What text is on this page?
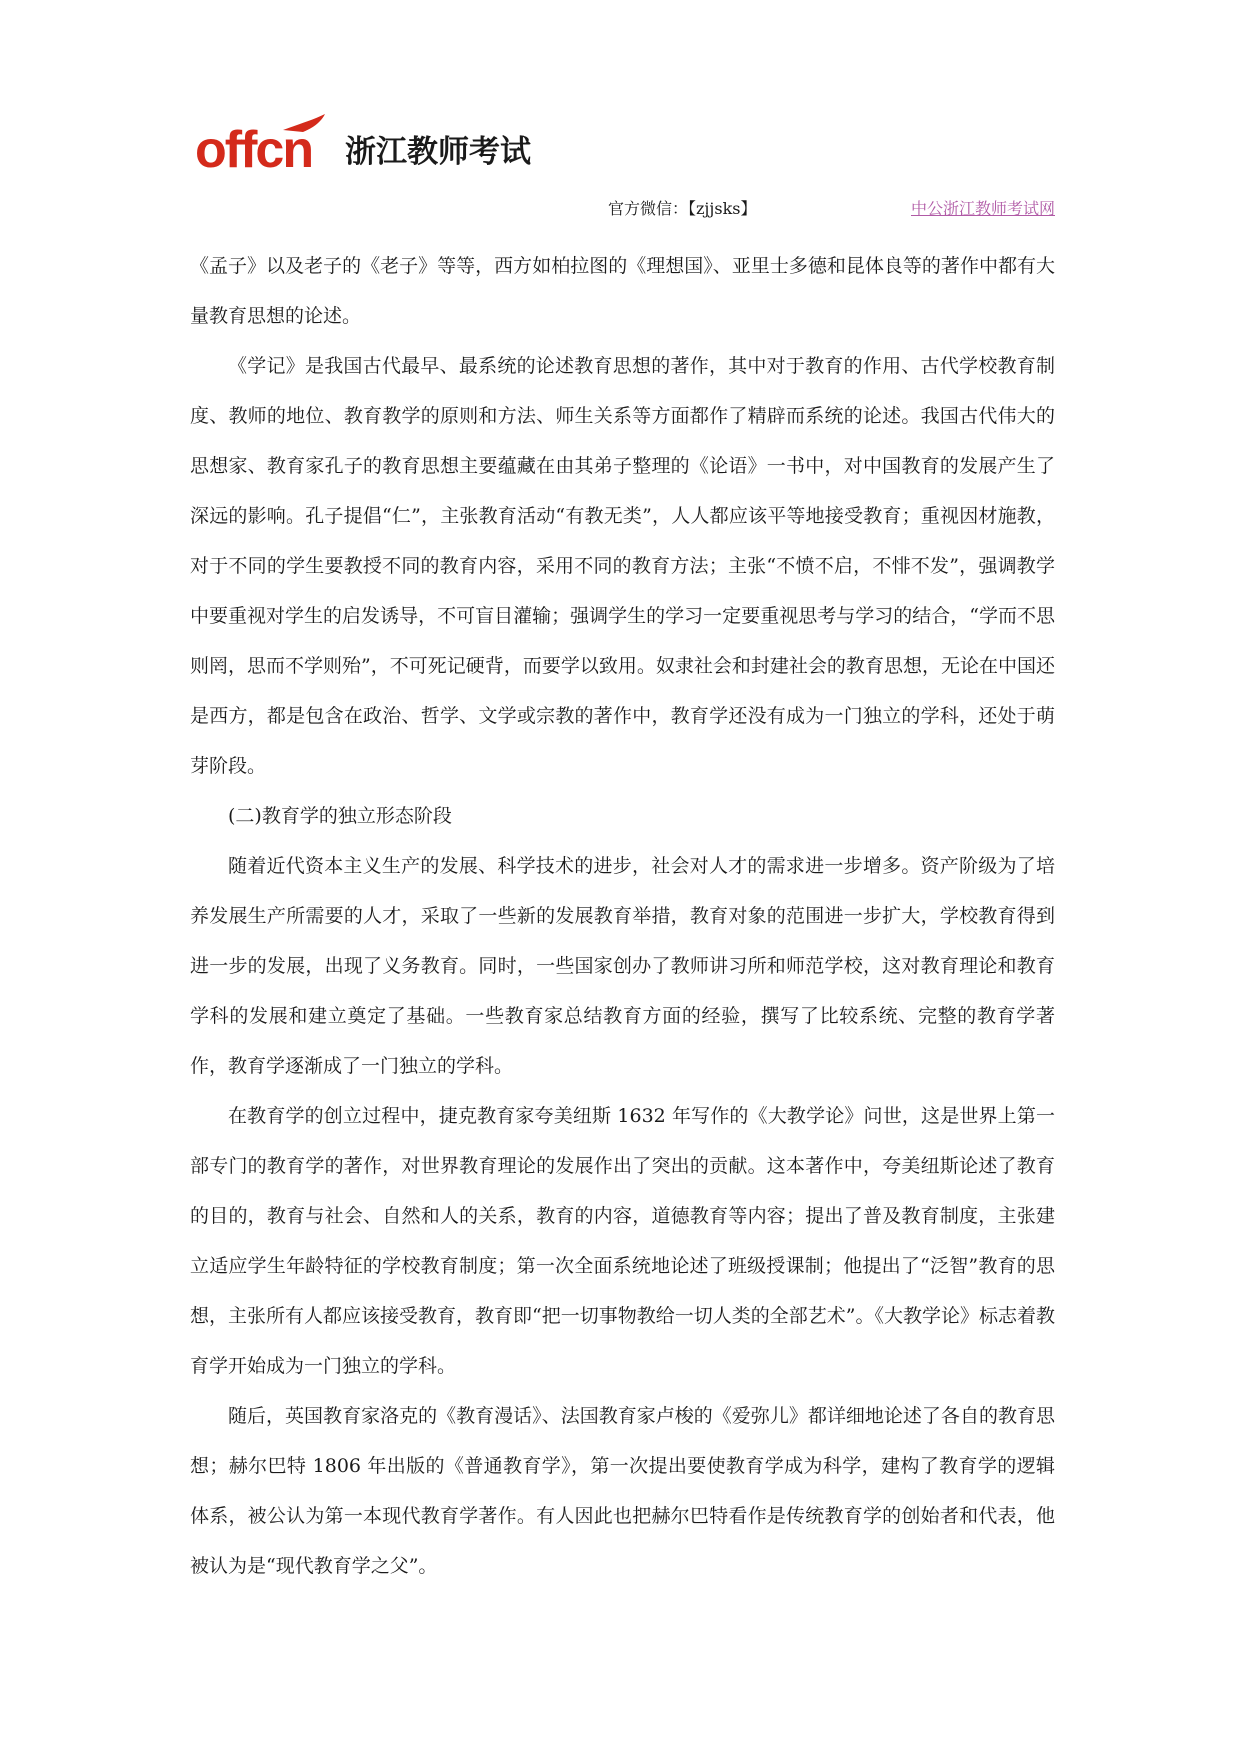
offcn 浙江教师考试
官方微信：【zjjsks】	中公浙江教师考试网

《孟子》以及老子的《老子》等等，西方如柏拉图的《理想国》、亚里士多德和昆体良等的著作中都有大量教育思想的论述。

《学记》是我国古代最早、最系统的论述教育思想的著作，其中对于教育的作用、古代学校教育制度、教师的地位、教育教学的原则和方法、师生关系等方面都作了精辟而系统的论述。我国古代伟大的思想家、教育家孔子的教育思想主要蕴藏在由其弟子整理的《论语》一书中，对中国教育的发展产生了深远的影响。孔子提倡“仁”，主张教育活动“有教无类”，人人都应该平等地接受教育；重视因材施教，对于不同的学生要教授不同的教育内容，采用不同的教育方法；主张“不愤不启，不悱不发”，强调教学中要重视对学生的启发诱导，不可盲目灌输；强调学生的学习一定要重视思考与学习的结合，“学而不思则罔，思而不学则殆”，不可死记硬背，而要学以致用。奴隶社会和封建社会的教育思想，无论在中国还是西方，都是包含在政治、哲学、文学或宗教的著作中，教育学还没有成为一门独立的学科，还处于萌芽阶段。

(二)教育学的独立形态阶段

随着近代资本主义生产的发展、科学技术的进步，社会对人才的需求进一步增多。资产阶级为了培养发展生产所需要的人才，采取了一些新的发展教育举措，教育对象的范围进一步扩大，学校教育得到进一步的发展，出现了义务教育。同时，一些国家创办了教师讲习所和师范学校，这对教育理论和教育学科的发展和建立奠定了基础。一些教育家总结教育方面的经验，撰写了比较系统、完整的教育学著作，教育学逐渐成了一门独立的学科。

在教育学的创立过程中，捷克教育家夸美纽斯 1632 年写作的《大教学论》问世，这是世界上第一部专门的教育学的著作，对世界教育理论的发展作出了突出的贡献。这本著作中，夸美纽斯论述了教育的目的，教育与社会、自然和人的关系，教育的内容，道德教育等内容；提出了普及教育制度，主张建立适应学生年龄特征的学校教育制度；第一次全面系统地论述了班级授课制；他提出了“泛智”教育的思想，主张所有人都应该接受教育，教育即“把一切事物教给一切人类的全部艺术”。《大教学论》标志着教育学开始成为一门独立的学科。

随后，英国教育家洛克的《教育漫话》、法国教育家卢梭的《爱弥儿》都详细地论述了各自的教育思想；赫尔巴特 1806 年出版的《普通教育学》，第一次提出要使教育学成为科学，建构了教育学的逻辑体系，被公认为第一本现代教育学著作。有人因此也把赫尔巴特看作是传统教育学的创始者和代表，他被认为是“现代教育学之父”。
